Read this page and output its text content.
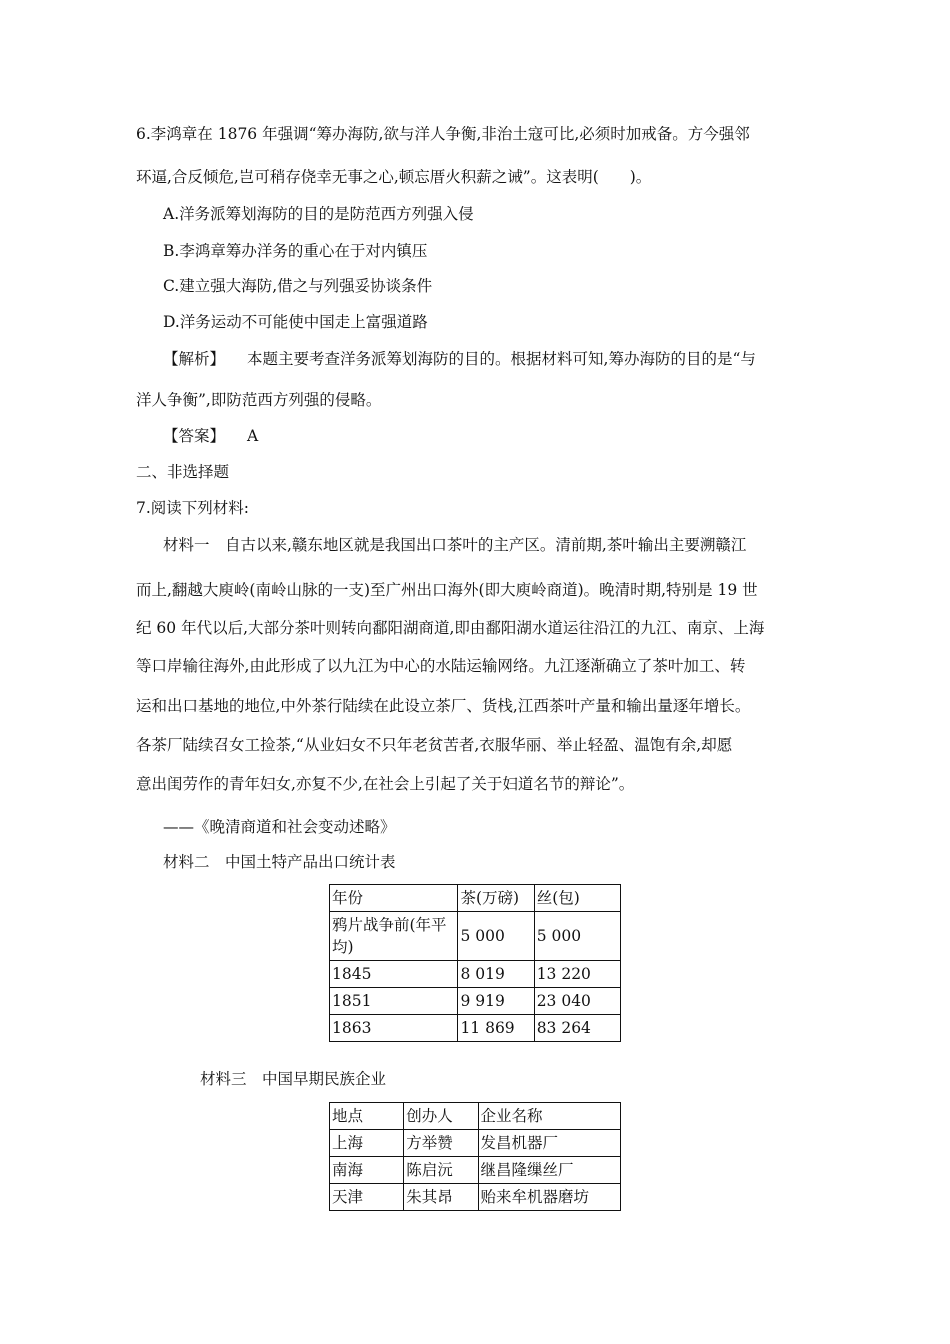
6.李鸿章在 1876 年强调“筹办海防,欲与洋人争衡,非治土寇可比,必须时加戒备。方今强邻
环逼,合反倾危,岂可稍存侥幸无事之心,顿忘厝火积薪之诫”。这表明(　　)。
A.洋务派筹划海防的目的是防范西方列强入侵
B.李鸿章筹办洋务的重心在于对内镇压
C.建立强大海防,借之与列强妥协谈条件
D.洋务运动不可能使中国走上富强道路
【解析】 本题主要考查洋务派筹划海防的目的。根据材料可知,筹办海防的目的是“与
洋人争衡”,即防范西方列强的侵略。
【答案】 A
二、非选择题
7.阅读下列材料:
材料一　自古以来,赣东地区就是我国出口茶叶的主产区。清前期,茶叶输出主要溯赣江
而上,翻越大庾岭(南岭山脉的一支)至广州出口海外(即大庾岭商道)。晚清时期,特别是 19 世
纪 60 年代以后,大部分茶叶则转向鄱阳湖商道,即由鄱阳湖水道运往沿江的九江、南京、上海
等口岸输往海外,由此形成了以九江为中心的水陆运输网络。九江逐渐确立了茶叶加工、转
运和出口基地的地位,中外茶行陆续在此设立茶厂、货栈,江西茶叶产量和输出量逐年增长。
各茶厂陆续召女工捡茶,“从业妇女不只年老贫苦者,衣服华丽、举止轻盈、温饱有余,却愿
意出闺劳作的青年妇女,亦复不少,在社会上引起了关于妇道名节的辩论”。
——《晚清商道和社会变动述略》
材料二　中国土特产品出口统计表
年份	茶(万磅)	丝(包)

鸦片战争前(年平
均)	5 000	5 000
1845	8 019	13 220
1851	9 919	23 040
1863	11 869	83 264
材料三　中国早期民族企业
地点	创办人	企业名称
上海	方举赞	发昌机器厂
南海	陈启沅	继昌隆缫丝厂
天津	朱其昂	贻来牟机器磨坊
